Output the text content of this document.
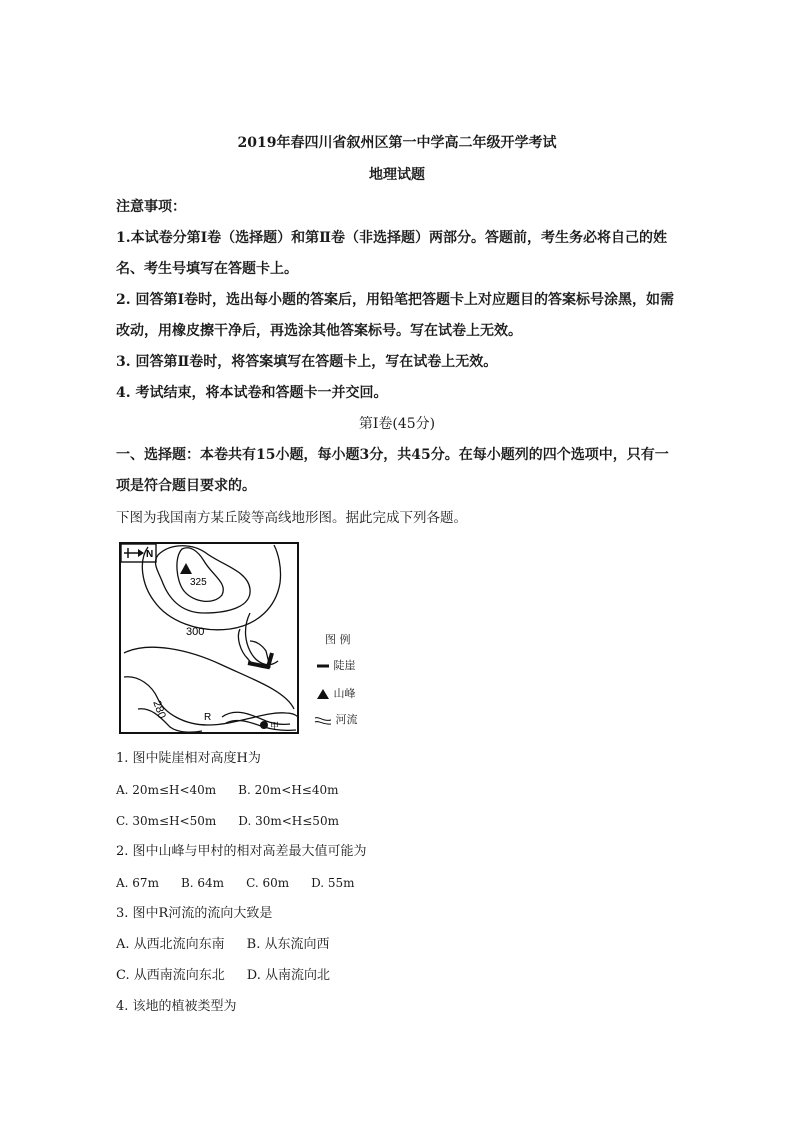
2019年春四川省叙州区第一中学高二年级开学考试
地理试题
注意事项：
1.本试卷分第Ⅰ卷（选择题）和第Ⅱ卷（非选择题）两部分。答题前，考生务必将自己的姓
名、考生号填写在答题卡上。
2. 回答第Ⅰ卷时，选出每小题的答案后，用铅笔把答题卡上对应题目的答案标号涂黑，如需
改动，用橡皮擦干净后，再选涂其他答案标号。写在试卷上无效。
3. 回答第Ⅱ卷时，将答案填写在答题卡上，写在试卷上无效。
4. 考试结束，将本试卷和答题卡一并交回。
第Ⅰ卷(45分)
一、选择题：本卷共有15小题，每小题3分，共45分。在每小题列的四个选项中，只有一
项是符合题目要求的。
下图为我国南方某丘陵等高线地形图。据此完成下列各题。
N
325
300
280	R
甲
图 例
陡崖
山峰
河流
1. 图中陡崖相对高度H为
A. 20m≤H<40m B. 20m<H≤40m
C. 30m≤H<50m D. 30m<H≤50m
2. 图中山峰与甲村的相对高差最大值可能为
A. 67m B. 64m C. 60m D. 55m
3. 图中R河流的流向大致是
A. 从西北流向东南 B. 从东流向西
C. 从西南流向东北 D. 从南流向北
4. 该地的植被类型为
